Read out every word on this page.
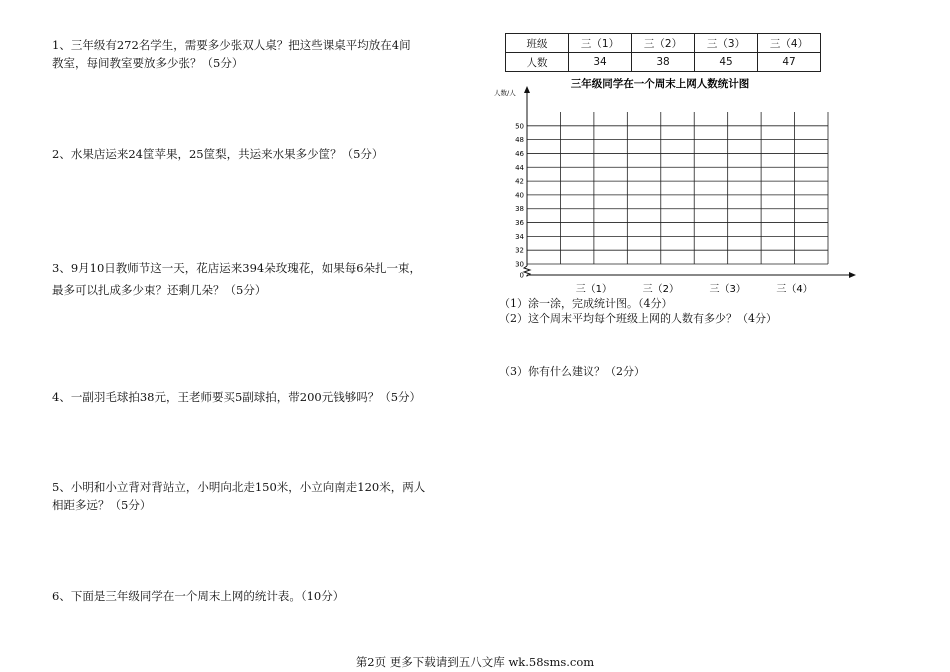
1、三年级有272名学生，需要多少张双人桌？把这些课桌平均放在4间
教室，每间教室要放多少张？（5分）
2、水果店运来24筐苹果，25筐梨，共运来水果多少筐？（5分）
3、9月10日教师节这一天，花店运来394朵玫瑰花，如果每6朵扎一束，
最多可以扎成多少束？还剩几朵？（5分）
4、一副羽毛球拍38元，王老师要买5副球拍，带200元钱够吗？（5分）
5、小明和小立背对背站立，小明向北走150米，小立向南走120米，两人
相距多远？（5分）
6、下面是三年级同学在一个周末上网的统计表。（10分）
班级	三（1）	三（2）	三（3）	三（4）
人数	34	38	45	47
三年级同学在一个周末上网人数统计图
人数/人
30
32
34
36
38
40
42
44
46
48
50
0
三（1）	三（2）	三（3）	三（4）
（1）涂一涂，完成统计图。（4分）
（2）这个周末平均每个班级上网的人数有多少？（4分）
（3）你有什么建议？（2分）
第2页 更多下载请到五八文库 wk.58sms.com
